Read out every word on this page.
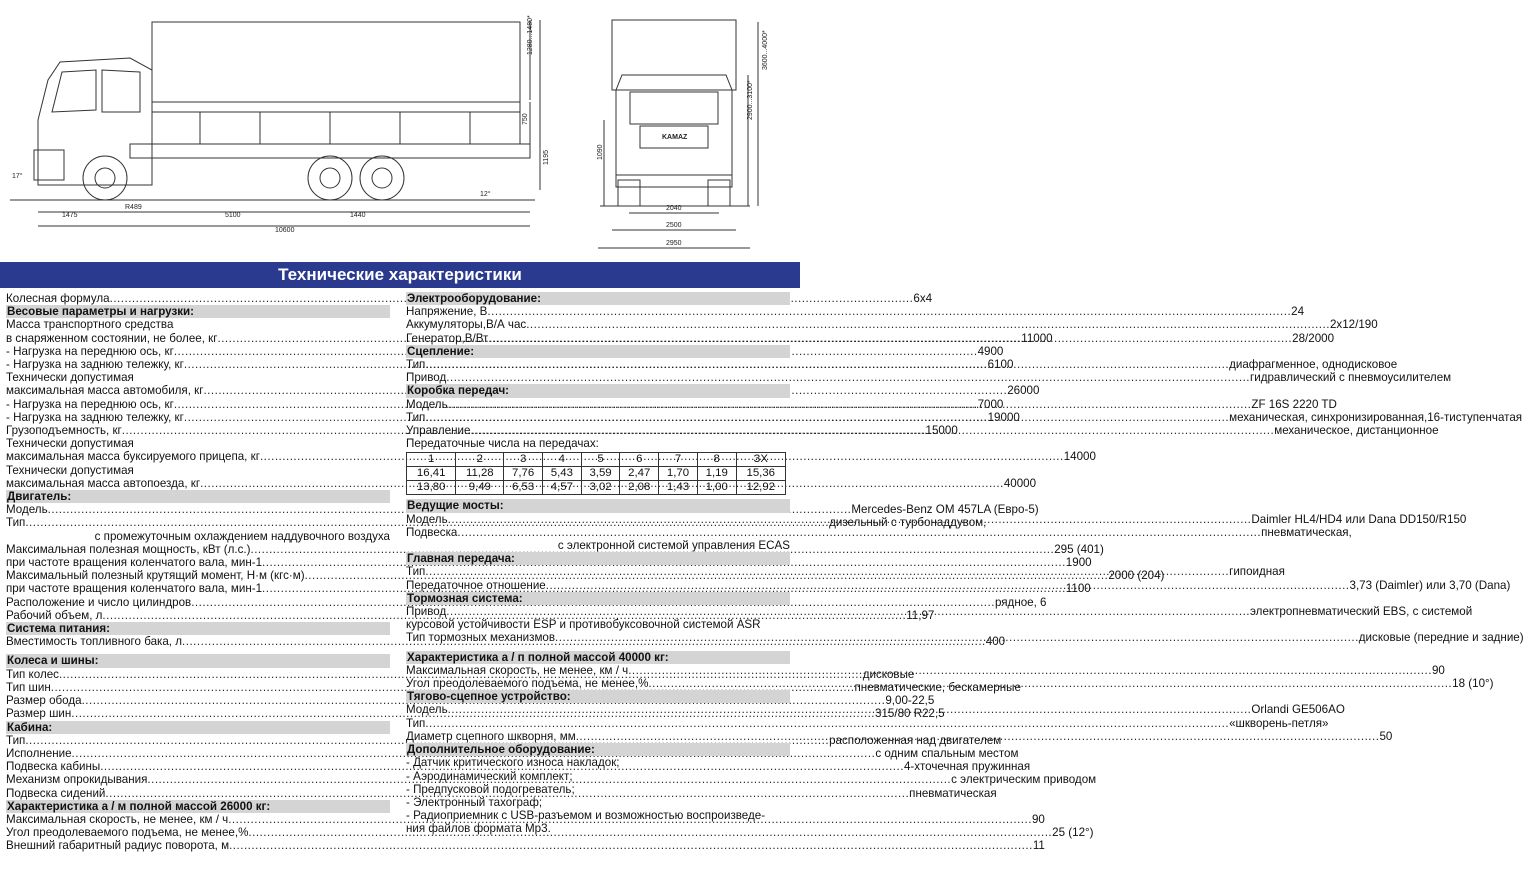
1475	5100	1440
10600
R489
17°
12°
1280...1480*
750
1195
KAMAZ
2040
2500
2950
3600...4000*
2900...3100*
1090
Технические характеристики
Колесная формула .....	6х4
Весовые параметры и нагрузки:
Масса транспортного средства
в снаряженном состоянии, не более, кг .....	11000
- Нагрузка на переднюю ось, кг .....	4900
- Нагрузка на заднюю тележку, кг .....	6100
Технически допустимая
максимальная масса автомобиля, кг .....	26000
- Нагрузка на переднюю ось, кг .....	7000
- Нагрузка на заднюю тележку, кг .....	19000
Грузоподъемность, кг .....	15000
Технически допустимая
максимальная масса буксируемого прицепа, кг .....	14000
Технически допустимая
максимальная масса автопоезда, кг .....	40000
Двигатель:
Модель .....	Mercedes-Benz OM 457LA (Евро-5)
Тип .....	дизельный с турбонаддувом,
с промежуточным охлаждением наддувочного воздуха
Максимальная полезная мощность, кВт (л.с.) .....	295 (401)
при частоте вращения коленчатого вала, мин-1 .....	1900
Максимальный полезный крутящий момент, Н·м (кгс·м) .....	2000 (204)
при частоте вращения коленчатого вала, мин-1 .....	1100
Расположение и число цилиндров .....	рядное, 6
Рабочий объем, л .....	11,97
Система питания:
Вместимость топливного бака, л .....	400
Колеса и шины:
Тип колес .....	дисковые
Тип шин .....	пневматические, бескамерные
Размер обода .....	9,00-22,5
Размер шин .....	315/80 R22,5
Кабина:
Тип .....	расположенная над двигателем
Исполнение .....	с одним спальным местом
Подвеска кабины .....	4-хточечная пружинная
Механизм опрокидывания .....	с электрическим приводом
Подвеска сидений .....	пневматическая
Характеристика а / м полной массой 26000 кг:
Максимальная скорость, не менее, км / ч .....	90
Угол преодолеваемого подъема, не менее,% .....	25 (12°)
Внешний габаритный радиус поворота, м .....	11
Электрооборудование:
Напряжение, В .....	24
Аккумуляторы,В/А час .....	2х12/190
Генератор,В/Вт .....	28/2000
Сцепление:
Тип .....	диафрагменное, однодисковое
Привод .....	гидравлический с пневмоусилителем
Коробка передач:
Модель .....	ZF 16S 2220 TD
Тип .....	механическая, синхронизированная,16-тиступенчатая
Управление .....	механическое, дистанционное
Передаточные числа на передачах:
1	2	3	4	5	6	7	8	ЗХ
16,41	11,28	7,76	5,43	3,59	2,47	1,70	1,19	15,36
13,80	9,49	6,53	4,57	3,02	2,08	1,43	1,00	12,92
Ведущие мосты:
Модель .....	Daimler HL4/HD4 или Dana DD150/R150
Подвеска .....	пневматическая,
с электронной системой управления ECAS
Главная передача:
Тип .....	гипоидная
Передаточное отношение .....	3,73 (Daimler) или 3,70 (Dana)
Тормозная система:
Привод .....	электропневматический EBS, с системой
курсовой устойчивости ESP и противобуксовочной системой ASR
Тип тормозных механизмов .....	дисковые (передние и задние)
Характеристика а / п полной массой 40000 кг:
Максимальная скорость, не менее, км / ч .....	90
Угол преодолеваемого подъема, не менее,% .....	18 (10°)
Тягово-сцепное устройство:
Модель .....	Orlandi GE506AO
Тип .....	«шкворень-петля»
Диаметр сцепного шкворня, мм .....	50
Дополнительное оборудование:
- Датчик критического износа накладок;
- Аэродинамический комплект;
- Предпусковой подогреватель;
- Электронный тахограф;
- Радиоприемник с USB-разъемом и возможностью воспроизведе-
ния файлов формата Mp3.
